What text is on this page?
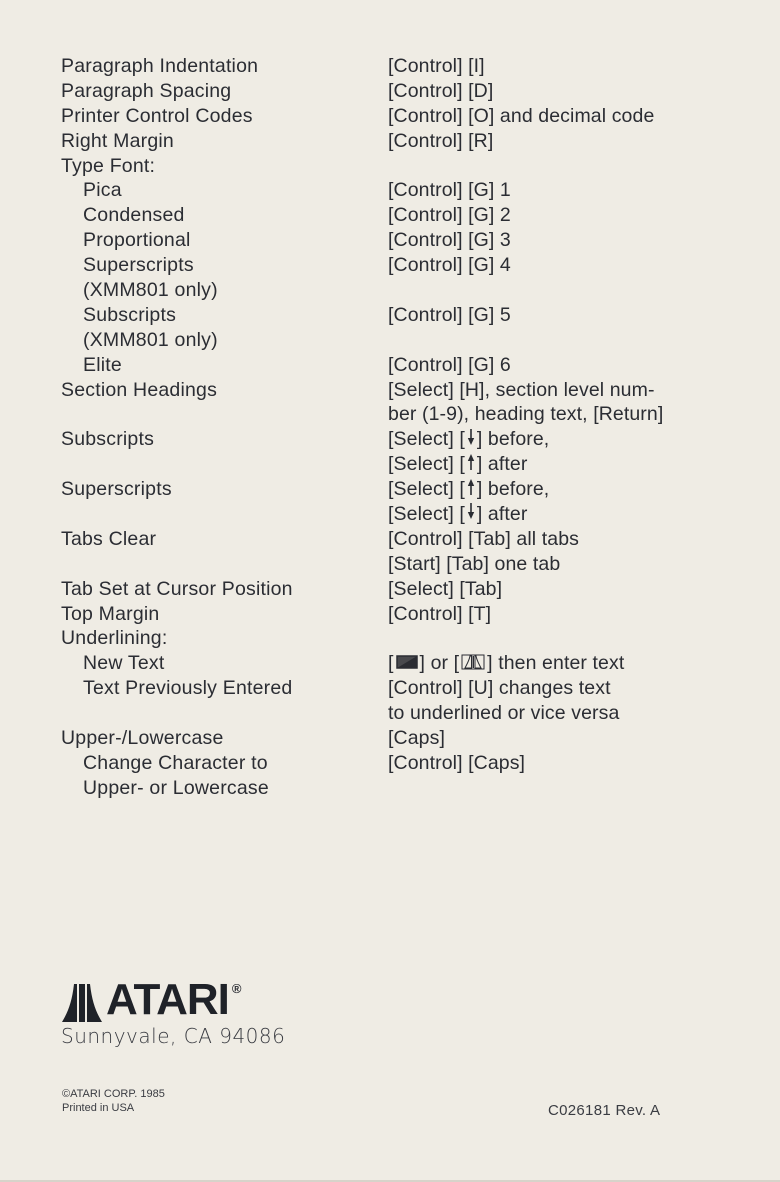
Paragraph Indentation
Paragraph Spacing
Printer Control Codes
Right Margin
Type Font:
Pica
Condensed
Proportional
Superscripts
(XMM801 only)
Subscripts
(XMM801 only)
Elite
Section Headings
Subscripts
Superscripts
Tabs Clear
Tab Set at Cursor Position
Top Margin
Underlining:
New Text
Text Previously Entered
Upper-/Lowercase
Change Character to
Upper- or Lowercase
[Control] [I]
[Control] [D]
[Control] [O] and decimal code
[Control] [R]
[Control] [G] 1
[Control] [G] 2
[Control] [G] 3
[Control] [G] 4
[Control] [G] 5
[Control] [G] 6
[Select] [H], section level num-
ber (1-9), heading text, [Return]
[Select] [ ] before,
[Select] [ ] after
[Select] [ ] before,
[Select] [ ] after
[Control] [Tab] all tabs
[Start] [Tab] one tab
[Select] [Tab]
[Control] [T]
[ ] or [ ] then enter text
[Control] [U] changes text
to underlined or vice versa
[Caps]
[Control] [Caps]
ATARI ®
Sunnyvale, CA 94086
©ATARI CORP. 1985
Printed in USA	C026181 Rev. A
